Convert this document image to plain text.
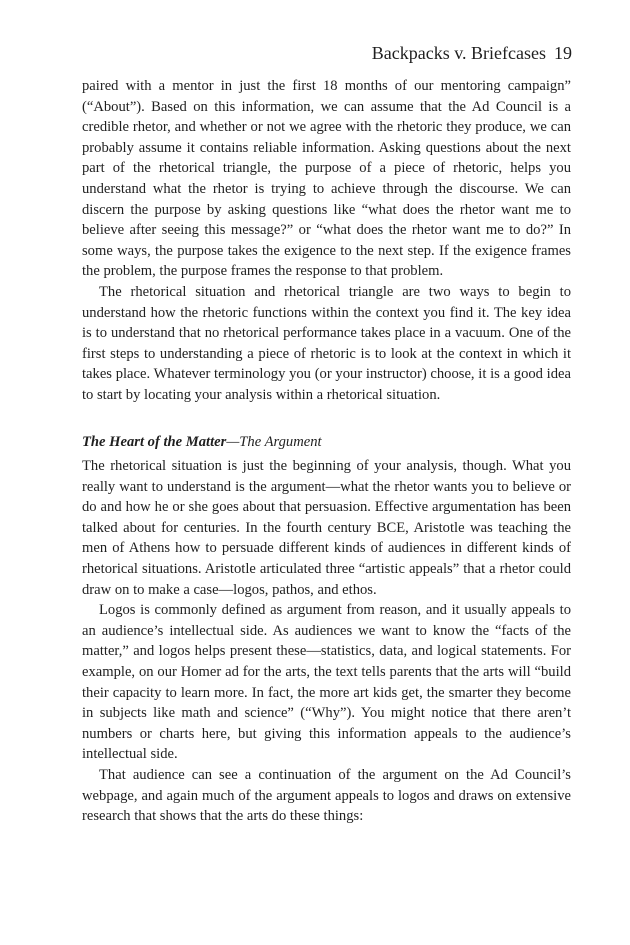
Backpacks v. Briefcases 19

paired with a mentor in just the first 18 months of our mentoring campaign” (“About”). Based on this information, we can assume that the Ad Council is a credible rhetor, and whether or not we agree with the rhetoric they produce, we can probably assume it contains reliable information. Asking questions about the next part of the rhetorical triangle, the purpose of a piece of rhetoric, helps you understand what the rhetor is trying to achieve through the discourse. We can discern the purpose by asking questions like “what does the rhetor want me to believe after seeing this message?” or “what does the rhetor want me to do?” In some ways, the purpose takes the exigence to the next step. If the exigence frames the problem, the purpose frames the response to that problem.

The rhetorical situation and rhetorical triangle are two ways to begin to understand how the rhetoric functions within the context you find it. The key idea is to understand that no rhetorical performance takes place in a vacuum. One of the first steps to understanding a piece of rhetoric is to look at the context in which it takes place. Whatever terminology you (or your instructor) choose, it is a good idea to start by locating your analysis within a rhetorical situation.

The Heart of the Matter—The Argument

The rhetorical situation is just the beginning of your analysis, though. What you really want to understand is the argument—what the rhetor wants you to believe or do and how he or she goes about that persuasion. Effective argumentation has been talked about for centuries. In the fourth century BCE, Aristotle was teaching the men of Athens how to persuade different kinds of audiences in different kinds of rhetorical situations. Aristotle articulated three “artistic appeals” that a rhetor could draw on to make a case—logos, pathos, and ethos.

Logos is commonly defined as argument from reason, and it usually appeals to an audience’s intellectual side. As audiences we want to know the “facts of the matter,” and logos helps present these—statistics, data, and logical statements. For example, on our Homer ad for the arts, the text tells parents that the arts will “build their capacity to learn more. In fact, the more art kids get, the smarter they become in subjects like math and science” (“Why”). You might notice that there aren’t numbers or charts here, but giving this information appeals to the audience’s intellectual side.

That audience can see a continuation of the argument on the Ad Council’s webpage, and again much of the argument appeals to logos and draws on extensive research that shows that the arts do these things:
